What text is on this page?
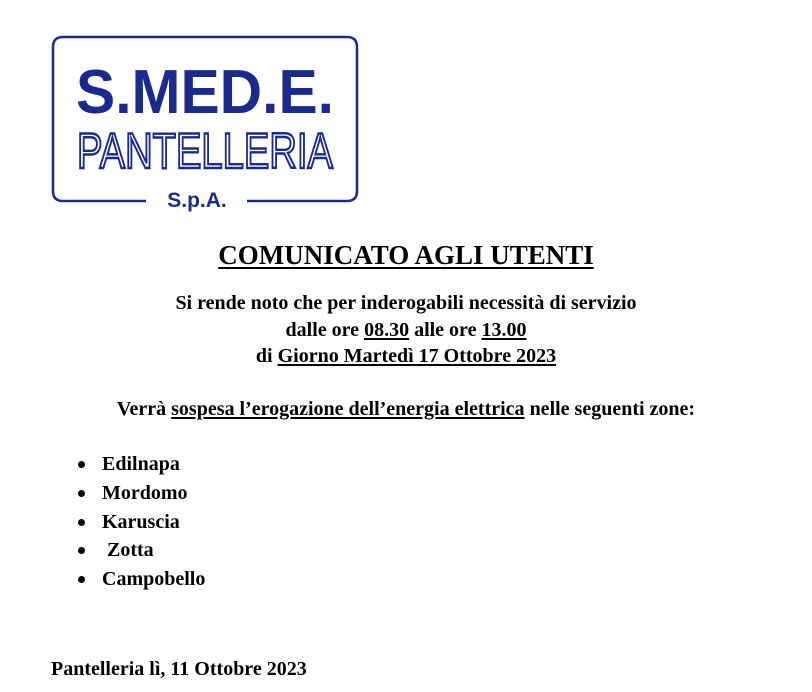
S.MED.E.
PANTELLERIA
S.p.A.
COMUNICATO AGLI UTENTI
Si rende noto che per inderogabili necessità di servizio
dalle ore 08.30 alle ore 13.00
di Giorno Martedì 17 Ottobre 2023
Verrà sospesa l’erogazione dell’energia elettrica nelle seguenti zone:
Edilnapa
Mordomo
Karuscia
Zotta
Campobello
Pantelleria lì, 11 Ottobre 2023
